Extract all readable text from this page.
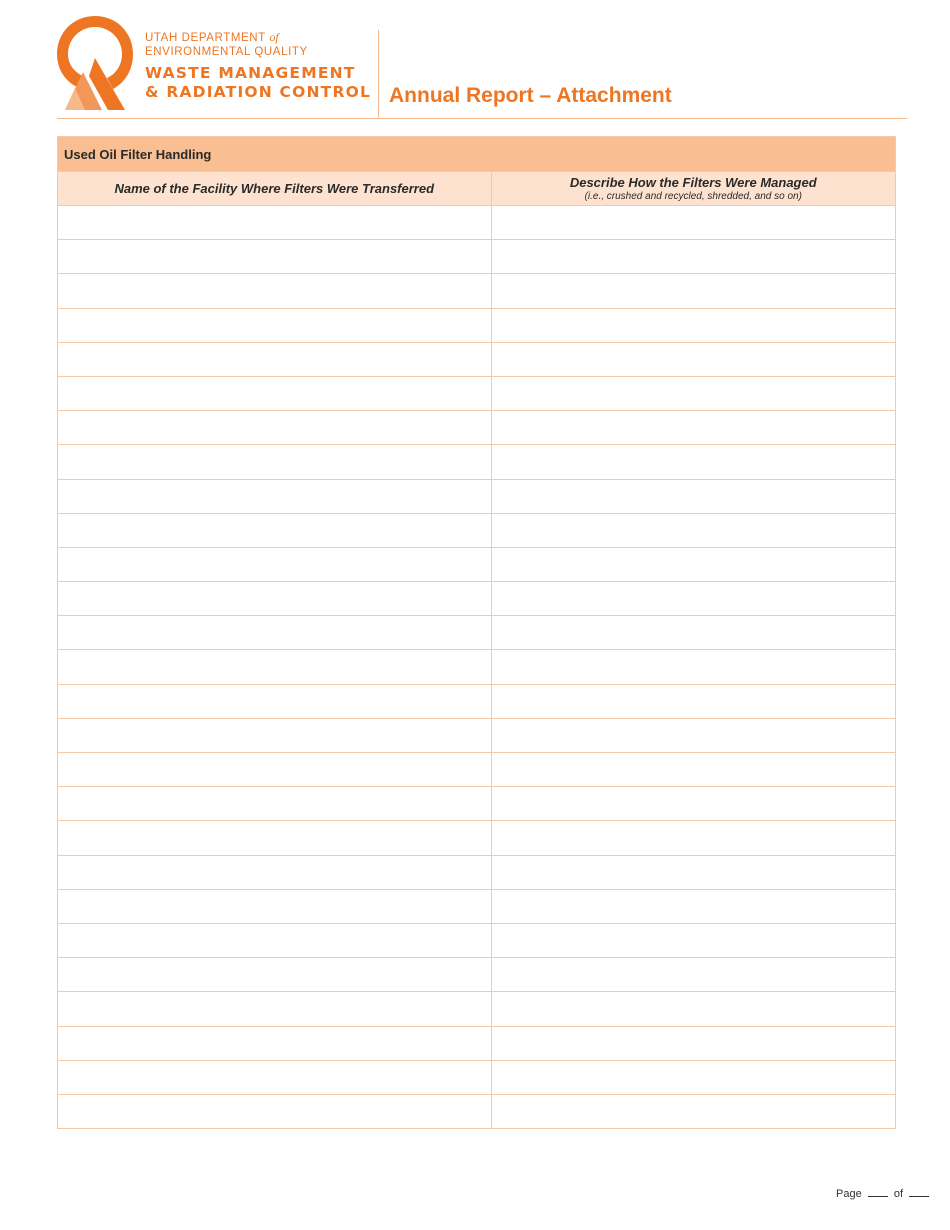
UTAH DEPARTMENT of
ENVIRONMENTAL QUALITY
WASTE MANAGEMENT
& RADIATION CONTROL Annual Report – Attachment
Used Oil Filter Handling	

Name of the Facility Where Filters Were Transferred	Describe How the Filters Were Managed
(i.e., crushed and recycled, shredded, and so on)

Page	of
